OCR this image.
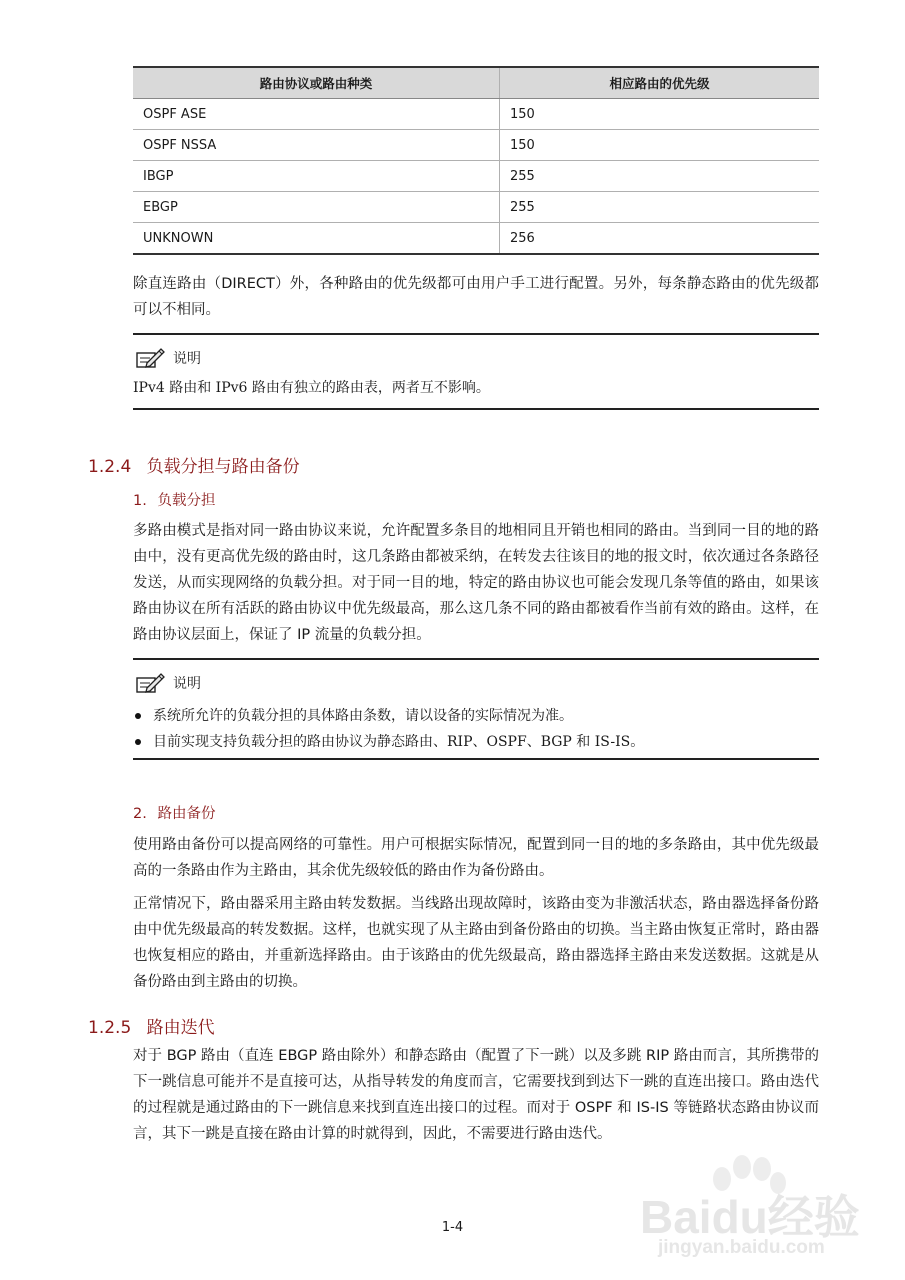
路由协议或路由种类	相应路由的优先级
OSPF ASE	150
OSPF NSSA	150
IBGP	255
EBGP	255
UNKNOWN	256
除直连路由（DIRECT）外，各种路由的优先级都可由用户手工进行配置。另外，每条静态路由的优先级都可以不相同。
说明
IPv4 路由和 IPv6 路由有独立的路由表，两者互不影响。
1.2.4 负载分担与路由备份
1. 负载分担
多路由模式是指对同一路由协议来说，允许配置多条目的地相同且开销也相同的路由。当到同一目的地的路由中，没有更高优先级的路由时，这几条路由都被采纳，在转发去往该目的地的报文时，依次通过各条路径发送，从而实现网络的负载分担。对于同一目的地，特定的路由协议也可能会发现几条等值的路由，如果该路由协议在所有活跃的路由协议中优先级最高，那么这几条不同的路由都被看作当前有效的路由。这样，在路由协议层面上，保证了 IP 流量的负载分担。
说明
系统所允许的负载分担的具体路由条数，请以设备的实际情况为准。
目前实现支持负载分担的路由协议为静态路由、RIP、OSPF、BGP 和 IS-IS。
2. 路由备份
使用路由备份可以提高网络的可靠性。用户可根据实际情况，配置到同一目的地的多条路由，其中优先级最高的一条路由作为主路由，其余优先级较低的路由作为备份路由。
正常情况下，路由器采用主路由转发数据。当线路出现故障时，该路由变为非激活状态，路由器选择备份路由中优先级最高的转发数据。这样，也就实现了从主路由到备份路由的切换。当主路由恢复正常时，路由器也恢复相应的路由，并重新选择路由。由于该路由的优先级最高，路由器选择主路由来发送数据。这就是从备份路由到主路由的切换。
1.2.5 路由迭代
对于 BGP 路由（直连 EBGP 路由除外）和静态路由（配置了下一跳）以及多跳 RIP 路由而言，其所携带的下一跳信息可能并不是直接可达，从指导转发的角度而言，它需要找到到达下一跳的直连出接口。路由迭代的过程就是通过路由的下一跳信息来找到直连出接口的过程。而对于 OSPF 和 IS-IS 等链路状态路由协议而言，其下一跳是直接在路由计算的时就得到，因此，不需要进行路由迭代。
1-4	Baidu经验
jingyan.baidu.com
